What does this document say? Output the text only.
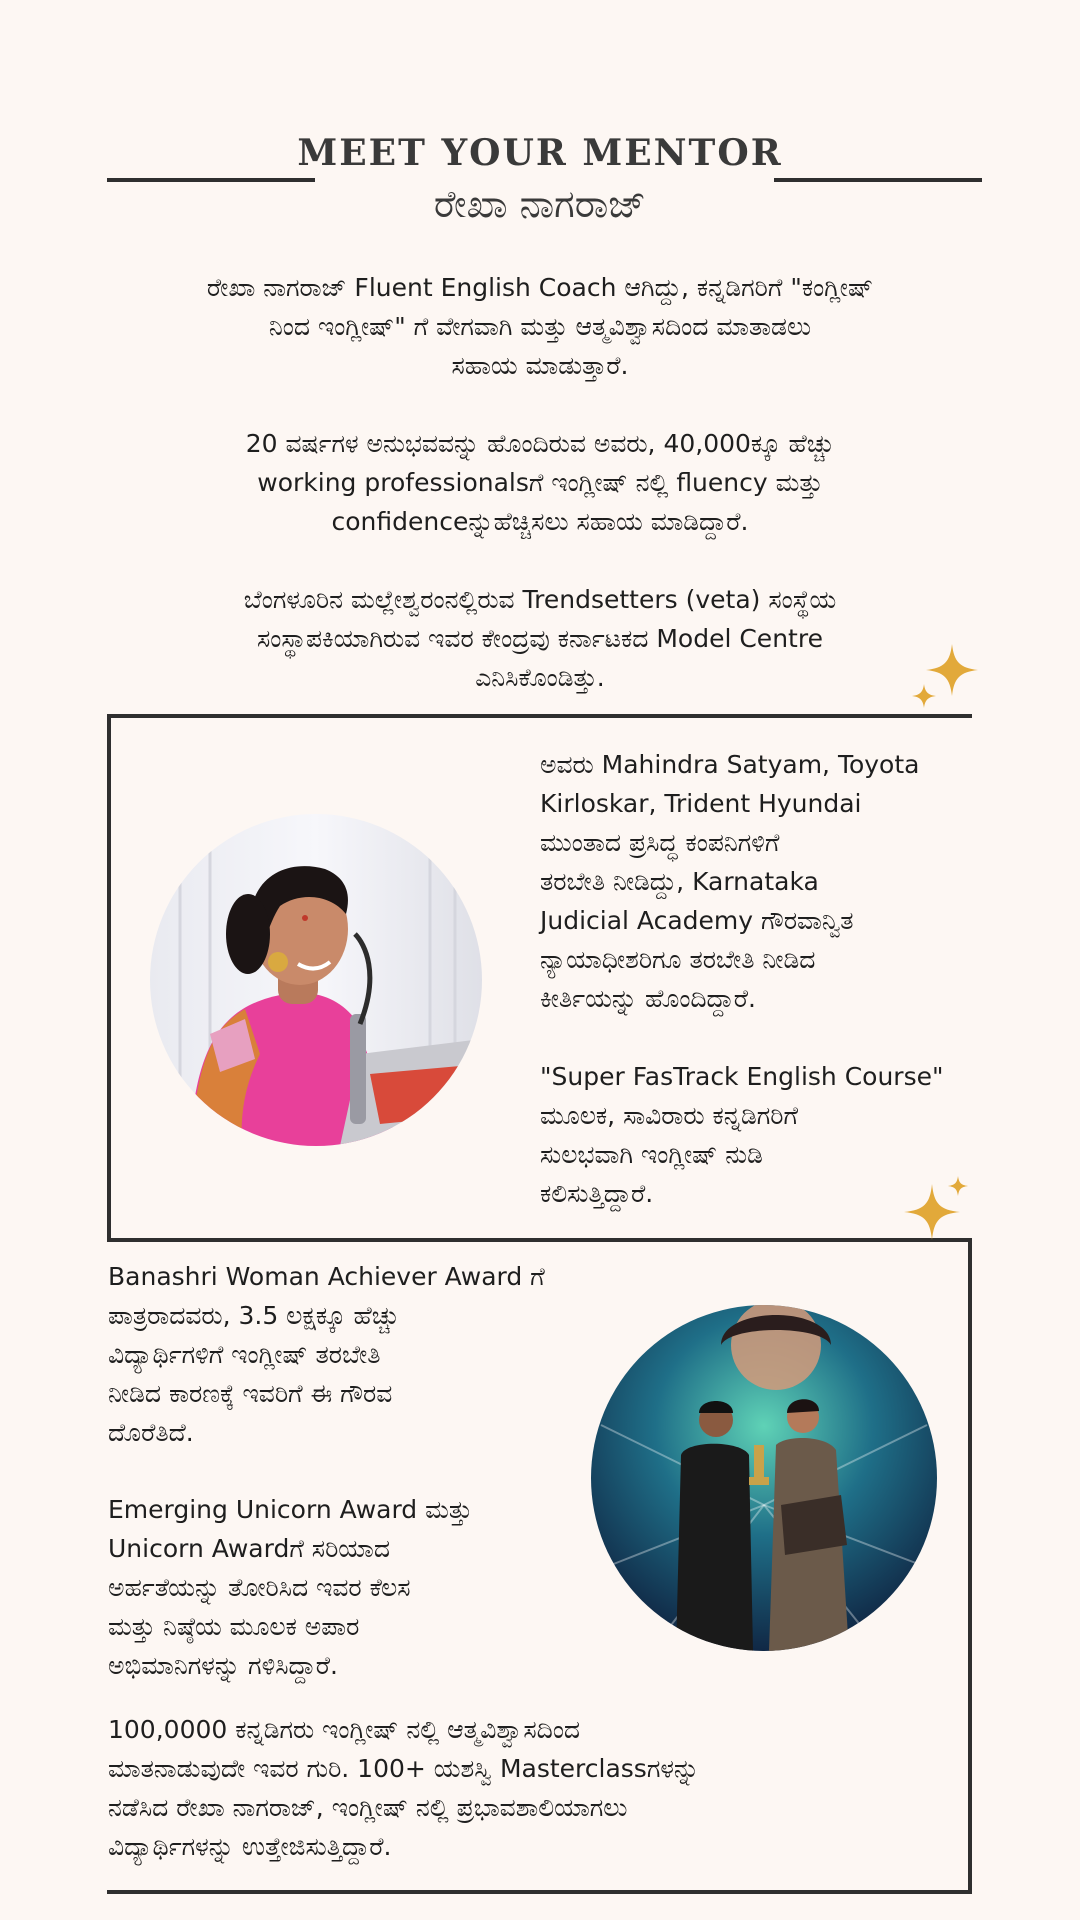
MEET YOUR MENTOR
ರೇಖಾ ನಾಗರಾಜ್
ರೇಖಾ ನಾಗರಾಜ್ Fluent English Coach ಆಗಿದ್ದು, ಕನ್ನಡಿಗರಿಗೆ "ಕಂಗ್ಲೀಷ್
ನಿಂದ ಇಂಗ್ಲೀಷ್" ಗೆ ವೇಗವಾಗಿ ಮತ್ತು ಆತ್ಮವಿಶ್ವಾಸದಿಂದ ಮಾತಾಡಲು
ಸಹಾಯ ಮಾಡುತ್ತಾರೆ.
20 ವರ್ಷಗಳ ಅನುಭವವನ್ನು ಹೊಂದಿರುವ ಅವರು, 40,000ಕ್ಕೂ ಹೆಚ್ಚು
working professionalsಗೆ ಇಂಗ್ಲೀಷ್ ನಲ್ಲಿ fluency ಮತ್ತು
confidenceನ್ನುಹೆಚ್ಚಿಸಲು ಸಹಾಯ ಮಾಡಿದ್ದಾರೆ.
ಬೆಂಗಳೂರಿನ ಮಲ್ಲೇಶ್ವರಂನಲ್ಲಿರುವ Trendsetters (veta) ಸಂಸ್ಥೆಯ
ಸಂಸ್ಥಾಪಕಿಯಾಗಿರುವ ಇವರ ಕೇಂದ್ರವು ಕರ್ನಾಟಕದ Model Centre
ಎನಿಸಿಕೊಂಡಿತ್ತು.
ಅವರು Mahindra Satyam, Toyota
Kirloskar, Trident Hyundai
ಮುಂತಾದ ಪ್ರಸಿದ್ಧ ಕಂಪನಿಗಳಿಗೆ
ತರಬೇತಿ ನೀಡಿದ್ದು, Karnataka
Judicial Academy ಗೌರವಾನ್ವಿತ
ನ್ಯಾಯಾಧೀಶರಿಗೂ ತರಬೇತಿ ನೀಡಿದ
ಕೀರ್ತಿಯನ್ನು ಹೊಂದಿದ್ದಾರೆ.
"Super FasTrack English Course"
ಮೂಲಕ, ಸಾವಿರಾರು ಕನ್ನಡಿಗರಿಗೆ
ಸುಲಭವಾಗಿ ಇಂಗ್ಲೀಷ್ ನುಡಿ
ಕಲಿಸುತ್ತಿದ್ದಾರೆ.
Banashri Woman Achiever Award ಗೆ
ಪಾತ್ರರಾದವರು, 3.5 ಲಕ್ಷಕ್ಕೂ ಹೆಚ್ಚು
ವಿದ್ಯಾರ್ಥಿಗಳಿಗೆ ಇಂಗ್ಲೀಷ್ ತರಬೇತಿ
ನೀಡಿದ ಕಾರಣಕ್ಕೆ ಇವರಿಗೆ ಈ ಗೌರವ
ದೊರೆತಿದೆ.
Emerging Unicorn Award ಮತ್ತು
Unicorn Awardಗೆ ಸರಿಯಾದ
ಅರ್ಹತೆಯನ್ನು ತೋರಿಸಿದ ಇವರ ಕೆಲಸ
ಮತ್ತು ನಿಷ್ಠೆಯ ಮೂಲಕ ಅಪಾರ
ಅಭಿಮಾನಿಗಳನ್ನು ಗಳಿಸಿದ್ದಾರೆ.
100,0000 ಕನ್ನಡಿಗರು ಇಂಗ್ಲೀಷ್ ನಲ್ಲಿ ಆತ್ಮವಿಶ್ವಾಸದಿಂದ
ಮಾತನಾಡುವುದೇ ಇವರ ಗುರಿ. 100+ ಯಶಸ್ವಿ Masterclassಗಳನ್ನು
ನಡೆಸಿದ ರೇಖಾ ನಾಗರಾಜ್, ಇಂಗ್ಲೀಷ್ ನಲ್ಲಿ ಪ್ರಭಾವಶಾಲಿಯಾಗಲು
ವಿದ್ಯಾರ್ಥಿಗಳನ್ನು ಉತ್ತೇಜಿಸುತ್ತಿದ್ದಾರೆ.
